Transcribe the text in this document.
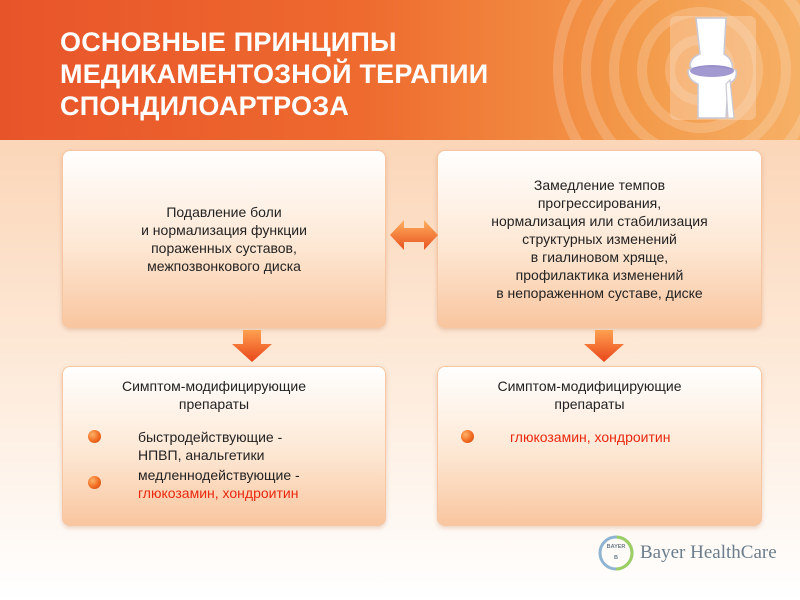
ОСНОВНЫЕ ПРИНЦИПЫ
МЕДИКАМЕНТОЗНОЙ ТЕРАПИИ
СПОНДИЛОАРТРОЗА
Подавление боли
и нормализация функции
пораженных суставов,
межпозвонкового диска
Замедление темпов
прогрессирования,
нормализация или стабилизация
структурных изменений
в гиалиновом хряще,
профилактика изменений
в непораженном суставе, диске
Симптом-модифицирующие
препараты
быстродействующие -
НПВП, анальгетики
медленнодействующие -
глюкозамин, хондроитин
Симптом-модифицирующие
препараты
глюкозамин, хондроитин
BAYER
B Bayer HealthCare
